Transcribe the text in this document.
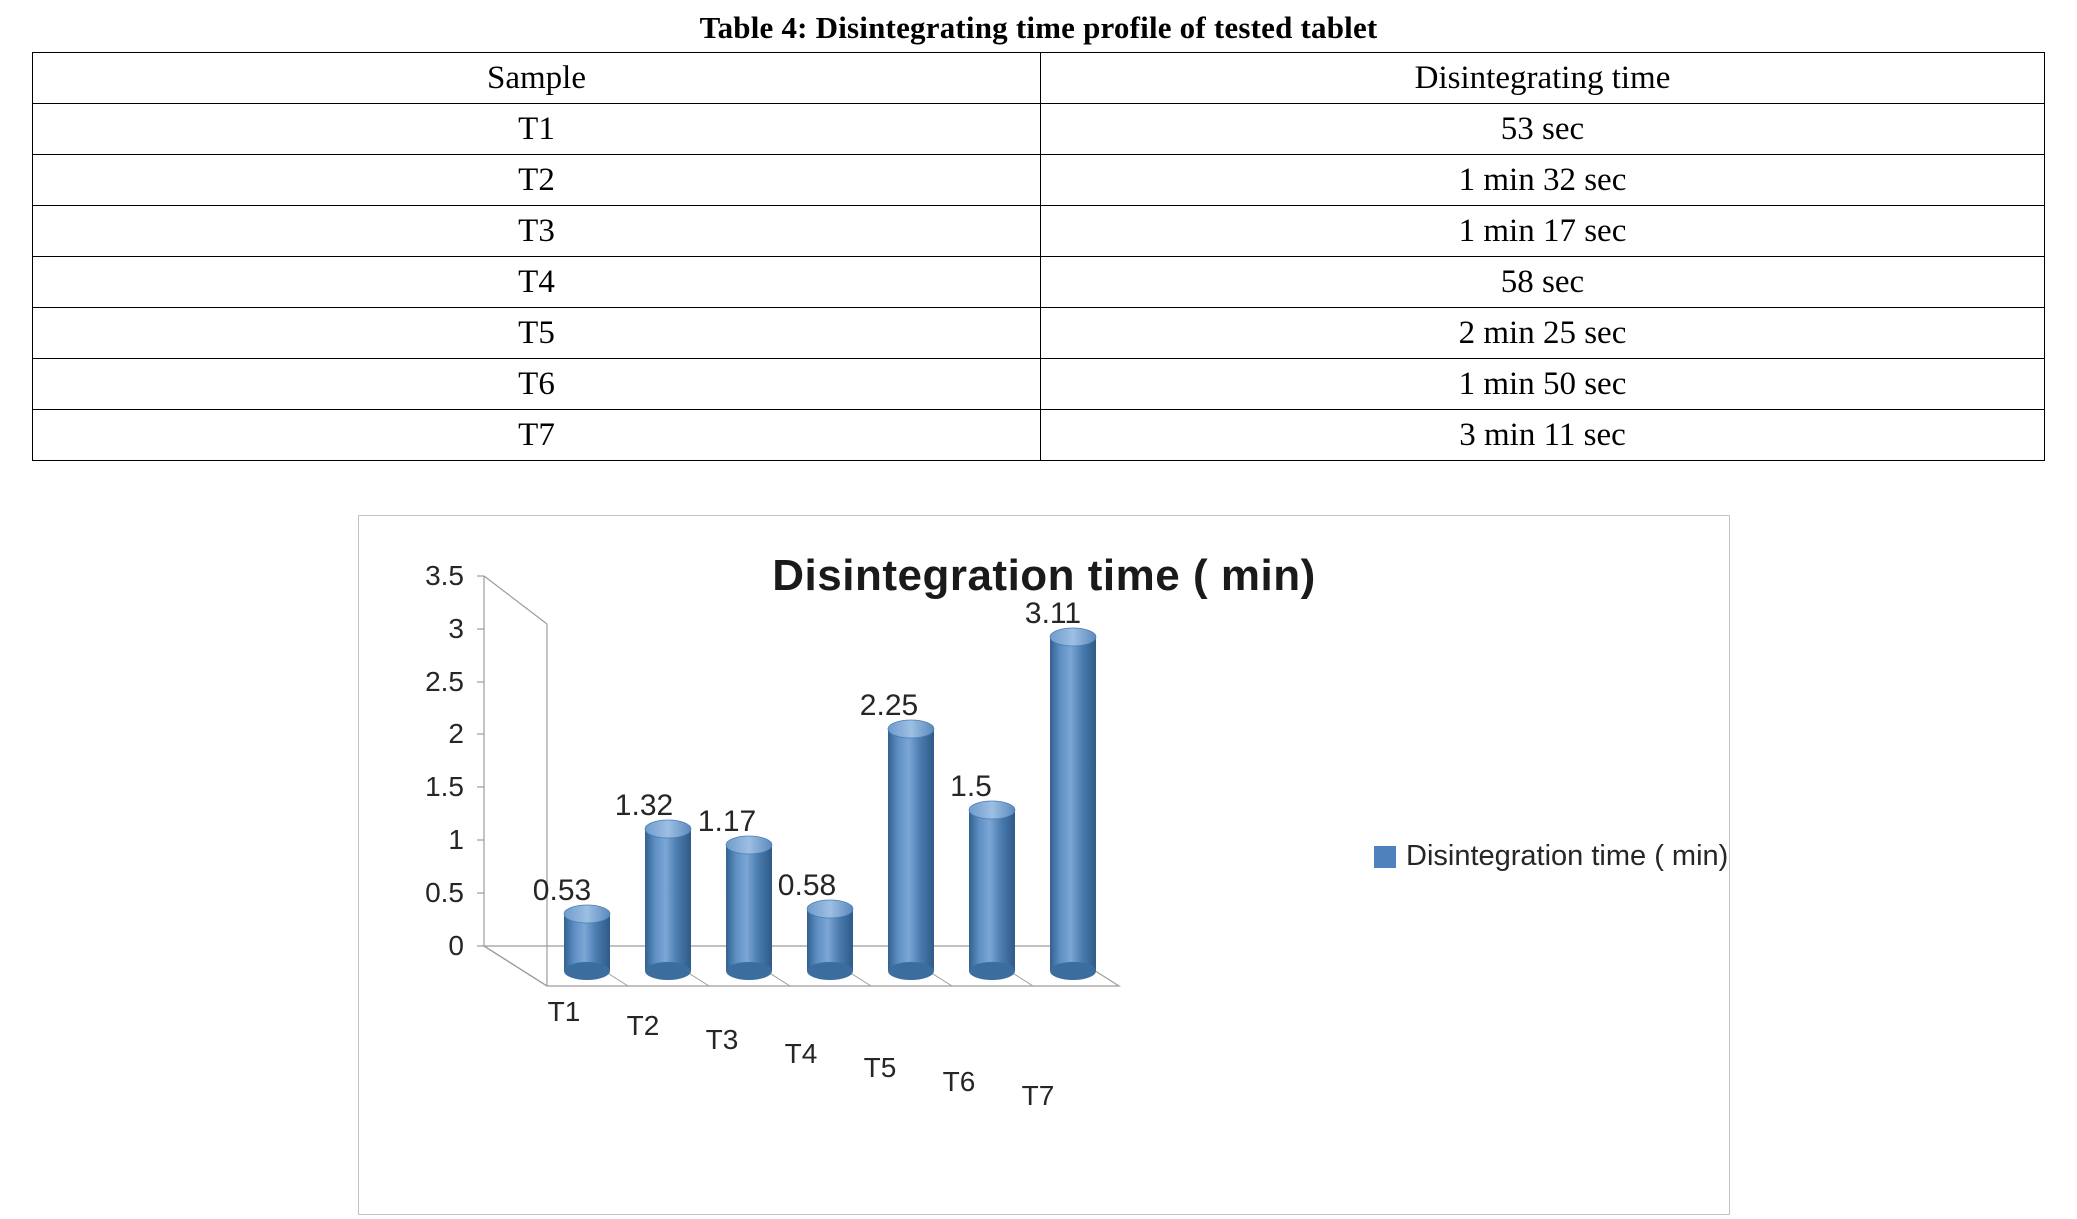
Table 4: Disintegrating time profile of tested tablet
Sample	Disintegrating time
T1	53 sec
T2	1 min 32 sec
T3	1 min 17 sec
T4	58 sec
T5	2 min 25 sec
T6	1 min 50 sec
T7	3 min 11 sec
Disintegration time ( min)
3.5
3
2.5
2
1.5
1
0.5
0
T1 T2 T3 T4 T5 T6 T7
0.53
1.32 1.17
0.58
2.25
1.5
3.11
Disintegration time ( min)
